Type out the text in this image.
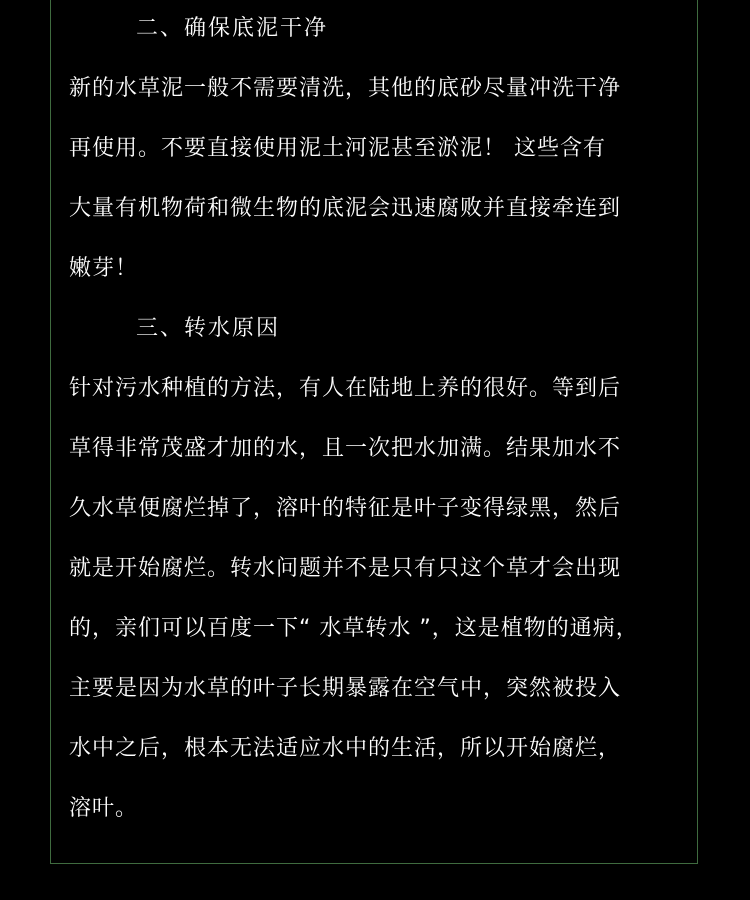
二、确保底泥干净
新的水草泥一般不需要清洗，其他的底砂尽量冲洗干净
再使用。不要直接使用泥土河泥甚至淤泥！ 这些含有
大量有机物荷和微生物的底泥会迅速腐败并直接牵连到
嫩芽！
三、转水原因
针对污水种植的方法，有人在陆地上养的很好。等到后
草得非常茂盛才加的水，且一次把水加满。结果加水不
久水草便腐烂掉了，溶叶的特征是叶子变得绿黑，然后
就是开始腐烂。转水问题并不是只有只这个草才会出现
的，亲们可以百度一下“ 水草转水 ”，这是植物的通病，
主要是因为水草的叶子长期暴露在空气中，突然被投入
水中之后，根本无法适应水中的生活，所以开始腐烂，
溶叶。
